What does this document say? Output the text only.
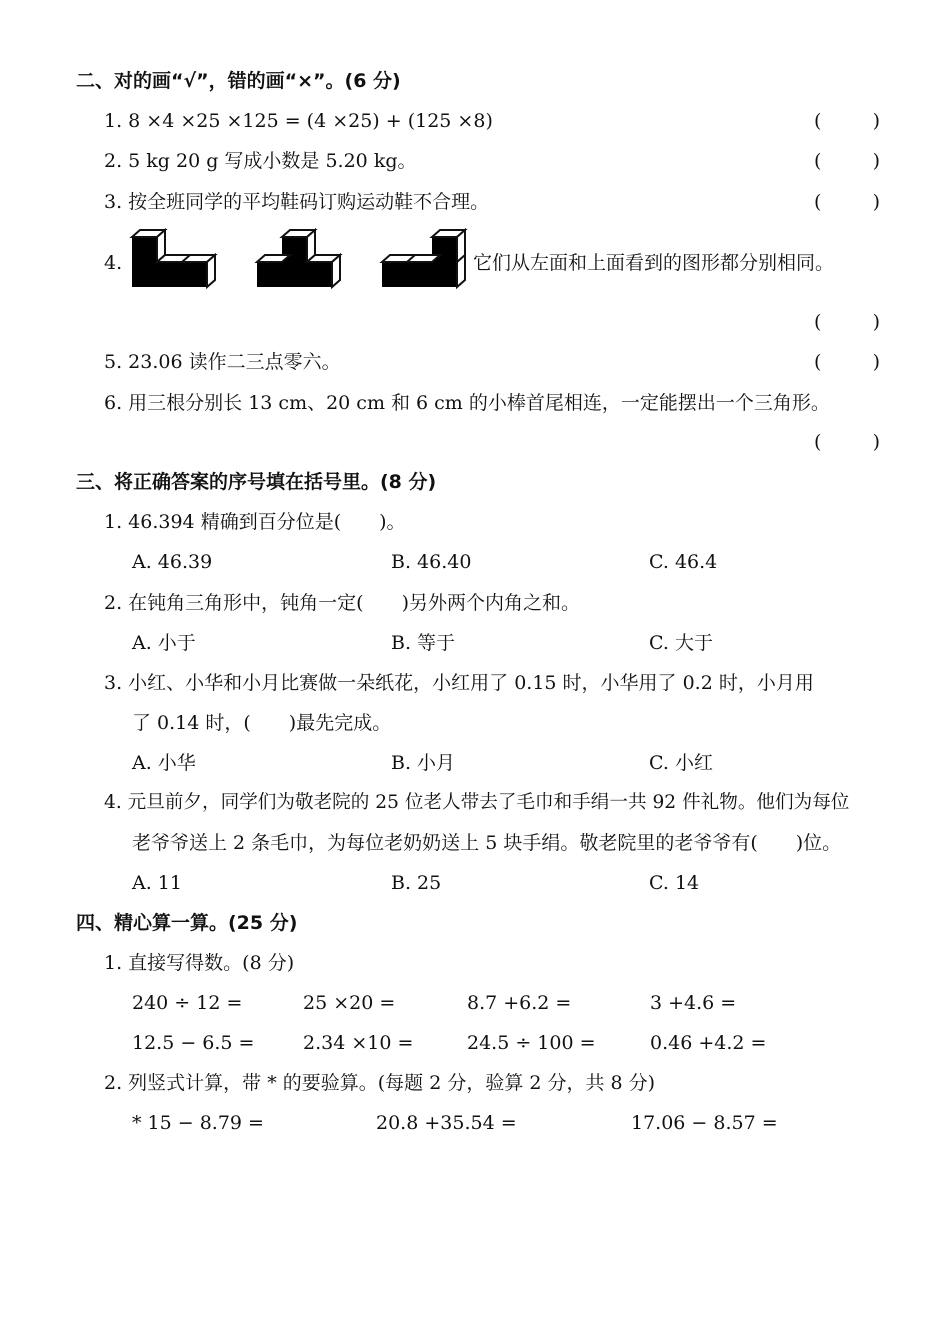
二、对的画“√”，错的画“×”。(6 分)
1. 8 ×4 ×25 ×125 = (4 ×25) + (125 ×8)	(	)
2. 5 kg 20 g 写成小数是 5.20 kg。	(	)
3. 按全班同学的平均鞋码订购运动鞋不合理。	(	)
4.	它们从左面和上面看到的图形都分别相同。
(	)
5. 23.06 读作二三点零六。	(	)
6. 用三根分别长 13 cm、20 cm 和 6 cm 的小棒首尾相连，一定能摆出一个三角形。
(	)
三、将正确答案的序号填在括号里。(8 分)
1. 46.394 精确到百分位是(　　)。
A. 46.39	B. 46.40	C. 46.4
2. 在钝角三角形中，钝角一定(　　)另外两个内角之和。
A. 小于	B. 等于	C. 大于
3. 小红、小华和小月比赛做一朵纸花，小红用了 0.15 时，小华用了 0.2 时，小月用
了 0.14 时，(　　)最先完成。
A. 小华	B. 小月	C. 小红
4. 元旦前夕，同学们为敬老院的 25 位老人带去了毛巾和手绢一共 92 件礼物。他们为每位
老爷爷送上 2 条毛巾，为每位老奶奶送上 5 块手绢。敬老院里的老爷爷有(　　)位。
A. 11	B. 25	C. 14
四、精心算一算。(25 分)
1. 直接写得数。(8 分)
240 ÷ 12 =	25 ×20 =	8.7 +6.2 =	3 +4.6 =
12.5 − 6.5 =	2.34 ×10 =	24.5 ÷ 100 =	0.46 +4.2 =
2. 列竖式计算，带 * 的要验算。(每题 2 分，验算 2 分，共 8 分)
* 15 − 8.79 =	20.8 +35.54 =	17.06 − 8.57 =
